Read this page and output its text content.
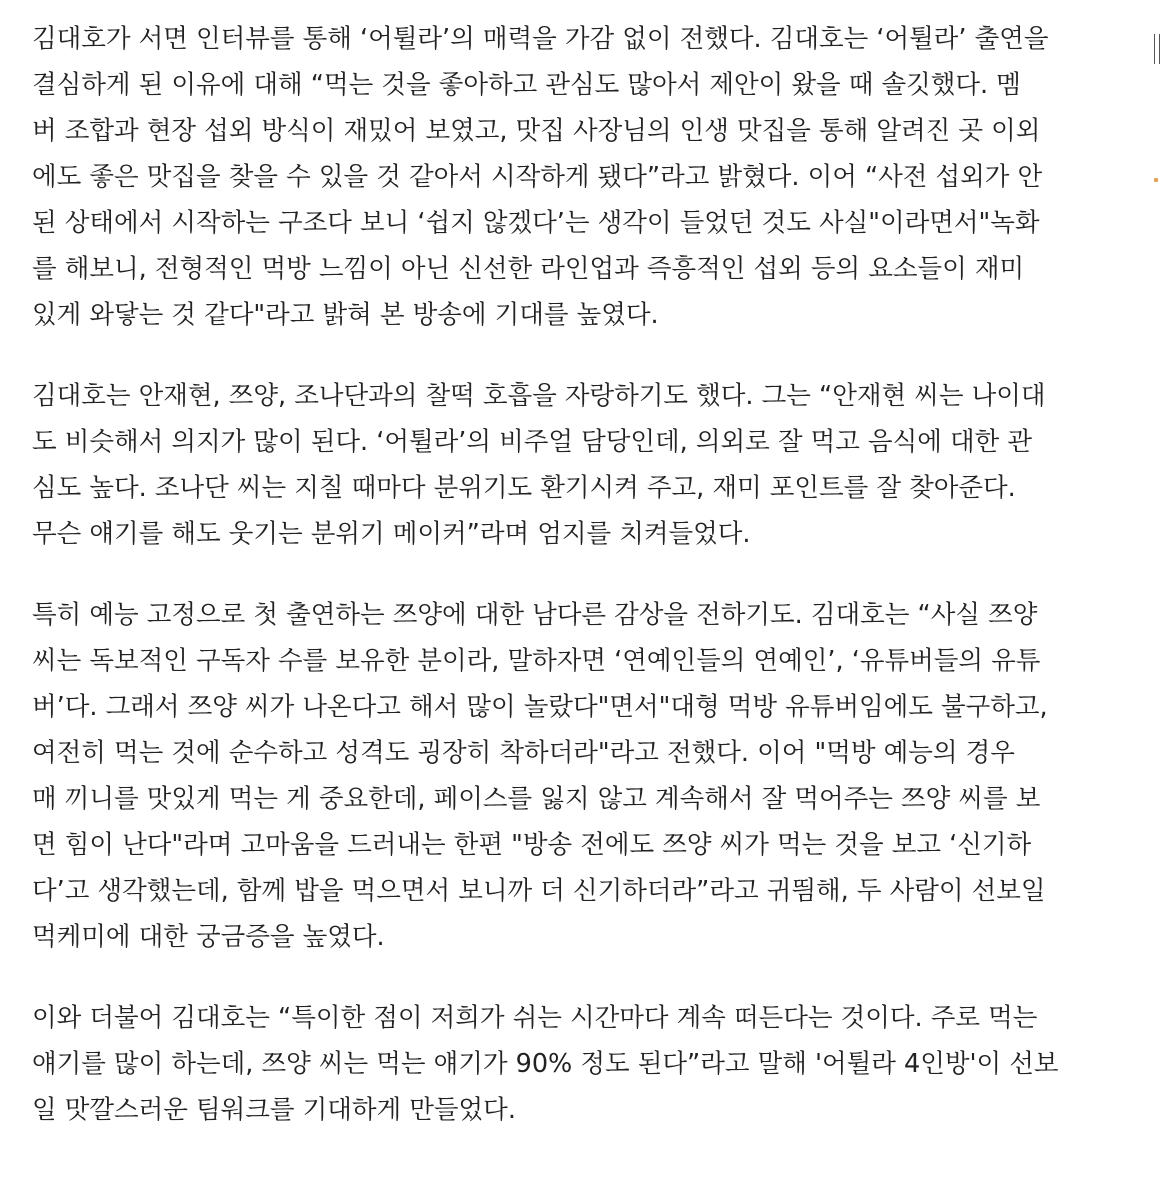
김대호가 서면 인터뷰를 통해 ‘어튈라’의 매력을 가감 없이 전했다. 김대호는 ‘어튈라’ 출연을
결심하게 된 이유에 대해 “먹는 것을 좋아하고 관심도 많아서 제안이 왔을 때 솔깃했다. 멤
버 조합과 현장 섭외 방식이 재밌어 보였고, 맛집 사장님의 인생 맛집을 통해 알려진 곳 이외
에도 좋은 맛집을 찾을 수 있을 것 같아서 시작하게 됐다”라고 밝혔다. 이어 “사전 섭외가 안
된 상태에서 시작하는 구조다 보니 ‘쉽지 않겠다’는 생각이 들었던 것도 사실"이라면서"녹화
를 해보니, 전형적인 먹방 느낌이 아닌 신선한 라인업과 즉흥적인 섭외 등의 요소들이 재미
있게 와닿는 것 같다"라고 밝혀 본 방송에 기대를 높였다.

김대호는 안재현, 쯔양, 조나단과의 찰떡 호흡을 자랑하기도 했다. 그는 “안재현 씨는 나이대
도 비슷해서 의지가 많이 된다. ‘어튈라’의 비주얼 담당인데, 의외로 잘 먹고 음식에 대한 관
심도 높다. 조나단 씨는 지칠 때마다 분위기도 환기시켜 주고, 재미 포인트를 잘 찾아준다.
무슨 얘기를 해도 웃기는 분위기 메이커”라며 엄지를 치켜들었다.

특히 예능 고정으로 첫 출연하는 쯔양에 대한 남다른 감상을 전하기도. 김대호는 “사실 쯔양
씨는 독보적인 구독자 수를 보유한 분이라, 말하자면 ‘연예인들의 연예인’, ‘유튜버들의 유튜
버’다. 그래서 쯔양 씨가 나온다고 해서 많이 놀랐다"면서"대형 먹방 유튜버임에도 불구하고,
여전히 먹는 것에 순수하고 성격도 굉장히 착하더라"라고 전했다. 이어 "먹방 예능의 경우
매 끼니를 맛있게 먹는 게 중요한데, 페이스를 잃지 않고 계속해서 잘 먹어주는 쯔양 씨를 보
면 힘이 난다"라며 고마움을 드러내는 한편 "방송 전에도 쯔양 씨가 먹는 것을 보고 ‘신기하
다’고 생각했는데, 함께 밥을 먹으면서 보니까 더 신기하더라”라고 귀띔해, 두 사람이 선보일
먹케미에 대한 궁금증을 높였다.

이와 더불어 김대호는 “특이한 점이 저희가 쉬는 시간마다 계속 떠든다는 것이다. 주로 먹는
얘기를 많이 하는데, 쯔양 씨는 먹는 얘기가 90% 정도 된다”라고 말해 '어튈라 4인방'이 선보
일 맛깔스러운 팀워크를 기대하게 만들었다.
